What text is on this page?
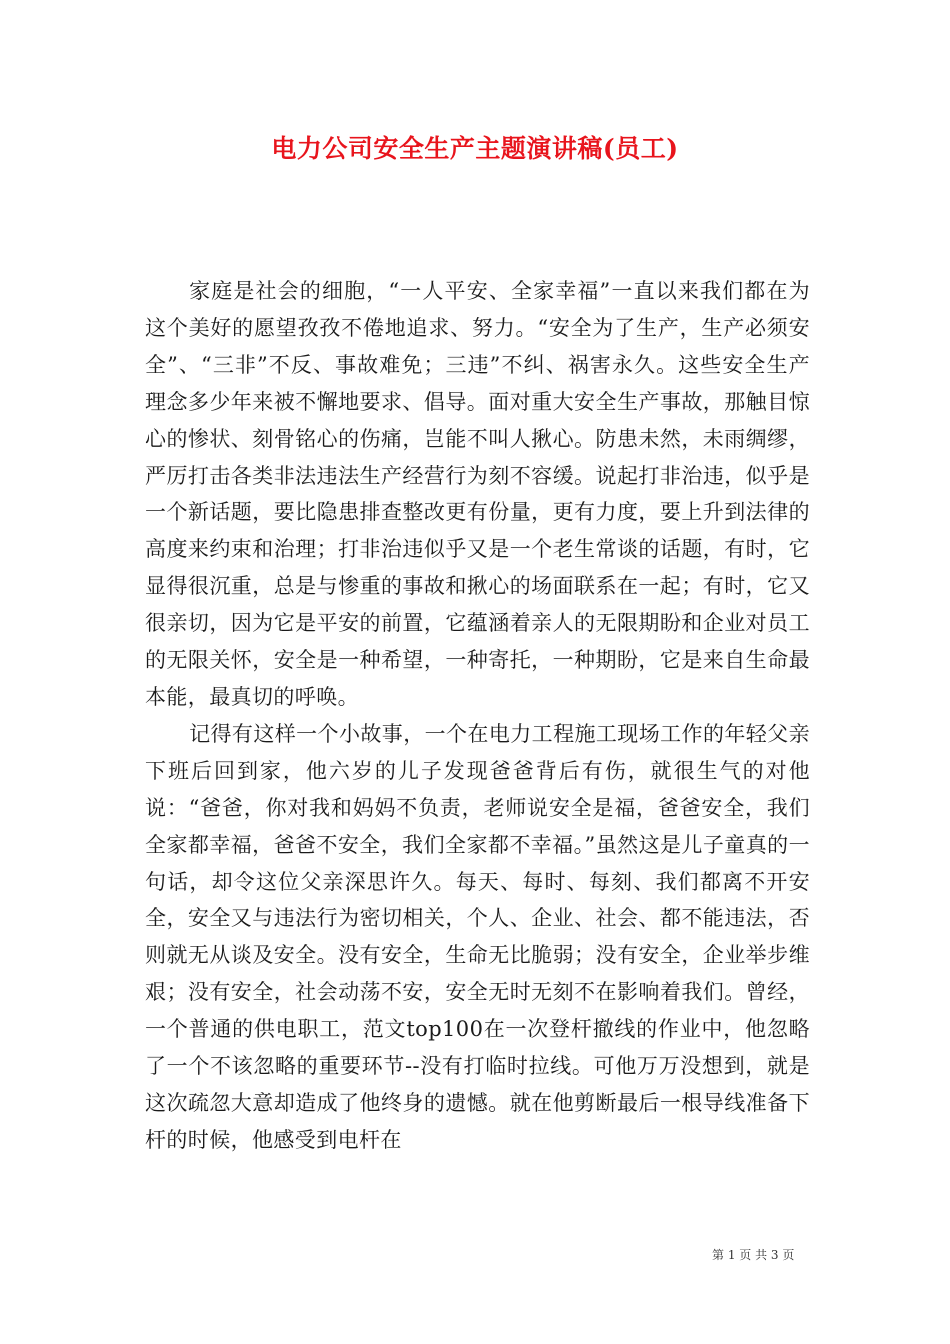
电力公司安全生产主题演讲稿(员工)

家庭是社会的细胞，“一人平安、全家幸福”一直以来我们都在为这个美好的愿望孜孜不倦地追求、努力。“安全为了生产，生产必须安全”、“三非”不反、事故难免；三违”不纠、祸害永久。这些安全生产理念多少年来被不懈地要求、倡导。面对重大安全生产事故，那触目惊心的惨状、刻骨铭心的伤痛，岂能不叫人揪心。防患未然，未雨绸缪，严厉打击各类非法违法生产经营行为刻不容缓。说起打非治违，似乎是一个新话题，要比隐患排查整改更有份量，更有力度，要上升到法律的高度来约束和治理；打非治违似乎又是一个老生常谈的话题，有时，它显得很沉重，总是与惨重的事故和揪心的场面联系在一起；有时，它又很亲切，因为它是平安的前置，它蕴涵着亲人的无限期盼和企业对员工的无限关怀，安全是一种希望，一种寄托，一种期盼，它是来自生命最本能，最真切的呼唤。

记得有这样一个小故事，一个在电力工程施工现场工作的年轻父亲下班后回到家，他六岁的儿子发现爸爸背后有伤，就很生气的对他说：“爸爸，你对我和妈妈不负责，老师说安全是福，爸爸安全，我们全家都幸福，爸爸不安全，我们全家都不幸福。”虽然这是儿子童真的一句话，却令这位父亲深思许久。每天、每时、每刻、我们都离不开安全，安全又与违法行为密切相关，个人、企业、社会、都不能违法，否则就无从谈及安全。没有安全，生命无比脆弱；没有安全，企业举步维艰；没有安全，社会动荡不安，安全无时无刻不在影响着我们。曾经，一个普通的供电职工，范文top100在一次登杆撤线的作业中，他忽略了一个不该忽略的重要环节--没有打临时拉线。可他万万没想到，就是这次疏忽大意却造成了他终身的遗憾。就在他剪断最后一根导线准备下杆的时候，他感受到电杆在

第 1 页 共 3 页
